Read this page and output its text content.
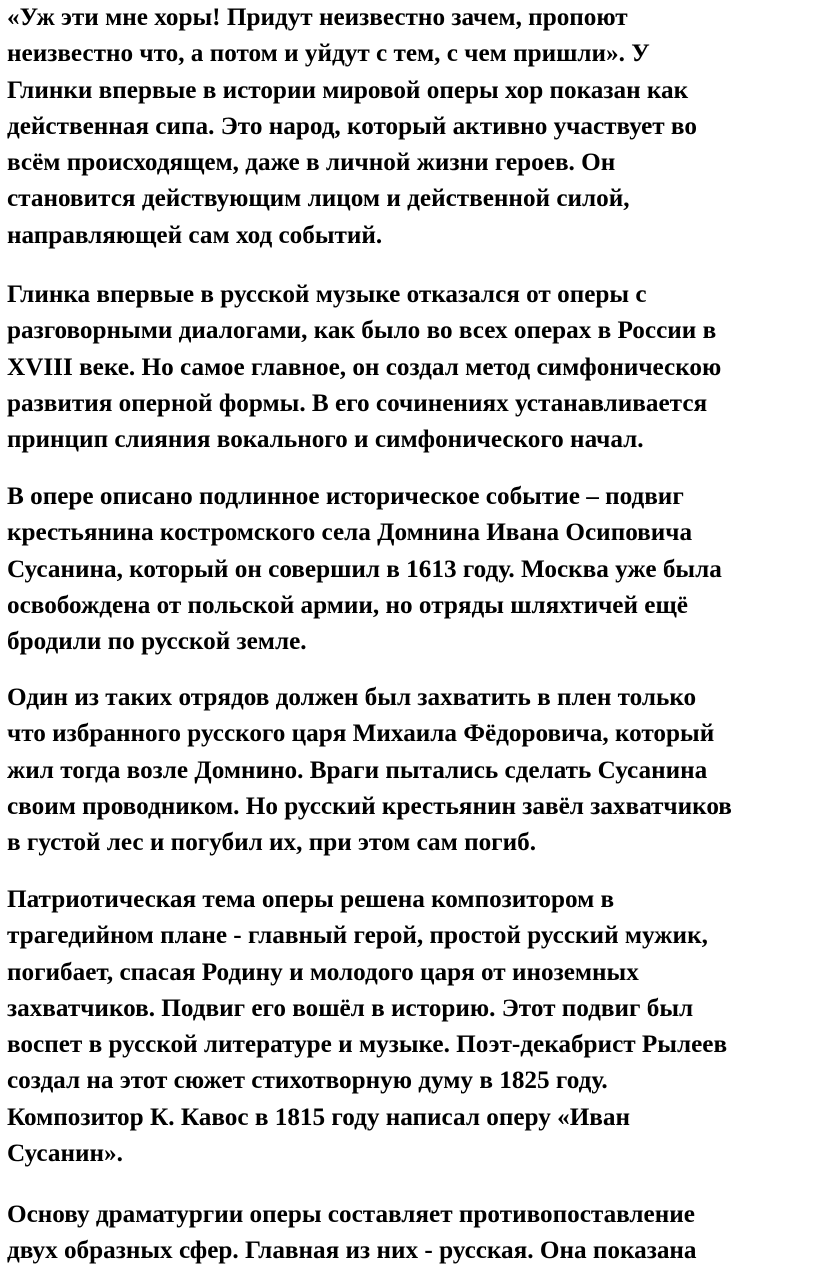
«Уж эти мне хоры! Придут неизвестно зачем, пропоют
неизвестно что, а потом и уйдут с тем, с чем пришли». У
Глинки впервые в истории мировой оперы хор показан как
действенная сипа. Это народ, который активно участвует во
всём происходящем, даже в личной жизни героев. Он
становится действующим лицом и действенной силой,
направляющей сам ход событий.

Глинка впервые в русской музыке отказался от оперы с
разговорными диалогами, как было во всех операх в России в
XVIII веке. Но самое главное, он создал метод симфоническою
развития оперной формы. В его сочинениях устанавливается
принцип слияния вокального и симфонического начал.

В опере описано подлинное историческое событие – подвиг
крестьянина костромского села Домнина Ивана Осиповича
Сусанина, который он совершил в 1613 году. Москва уже была
освобождена от польской армии, но отряды шляхтичей ещё
бродили по русской земле.

Один из таких отрядов должен был захватить в плен только
что избранного русского царя Михаила Фёдоровича, который
жил тогда возле Домнино. Враги пытались сделать Сусанина
своим проводником. Но русский крестьянин завёл захватчиков
в густой лес и погубил их, при этом сам погиб.

Патриотическая тема оперы решена композитором в
трагедийном плане - главный герой, простой русский мужик,
погибает, спасая Родину и молодого царя от иноземных
захватчиков. Подвиг его вошёл в историю. Этот подвиг был
воспет в русской литературе и музыке. Поэт-декабрист Рылеев
создал на этот сюжет стихотворную думу в 1825 году.
Композитор К. Кавос в 1815 году написал оперу «Иван
Сусанин».

Основу драматургии оперы составляет противопоставление
двух образных сфер. Главная из них - русская. Она показана
